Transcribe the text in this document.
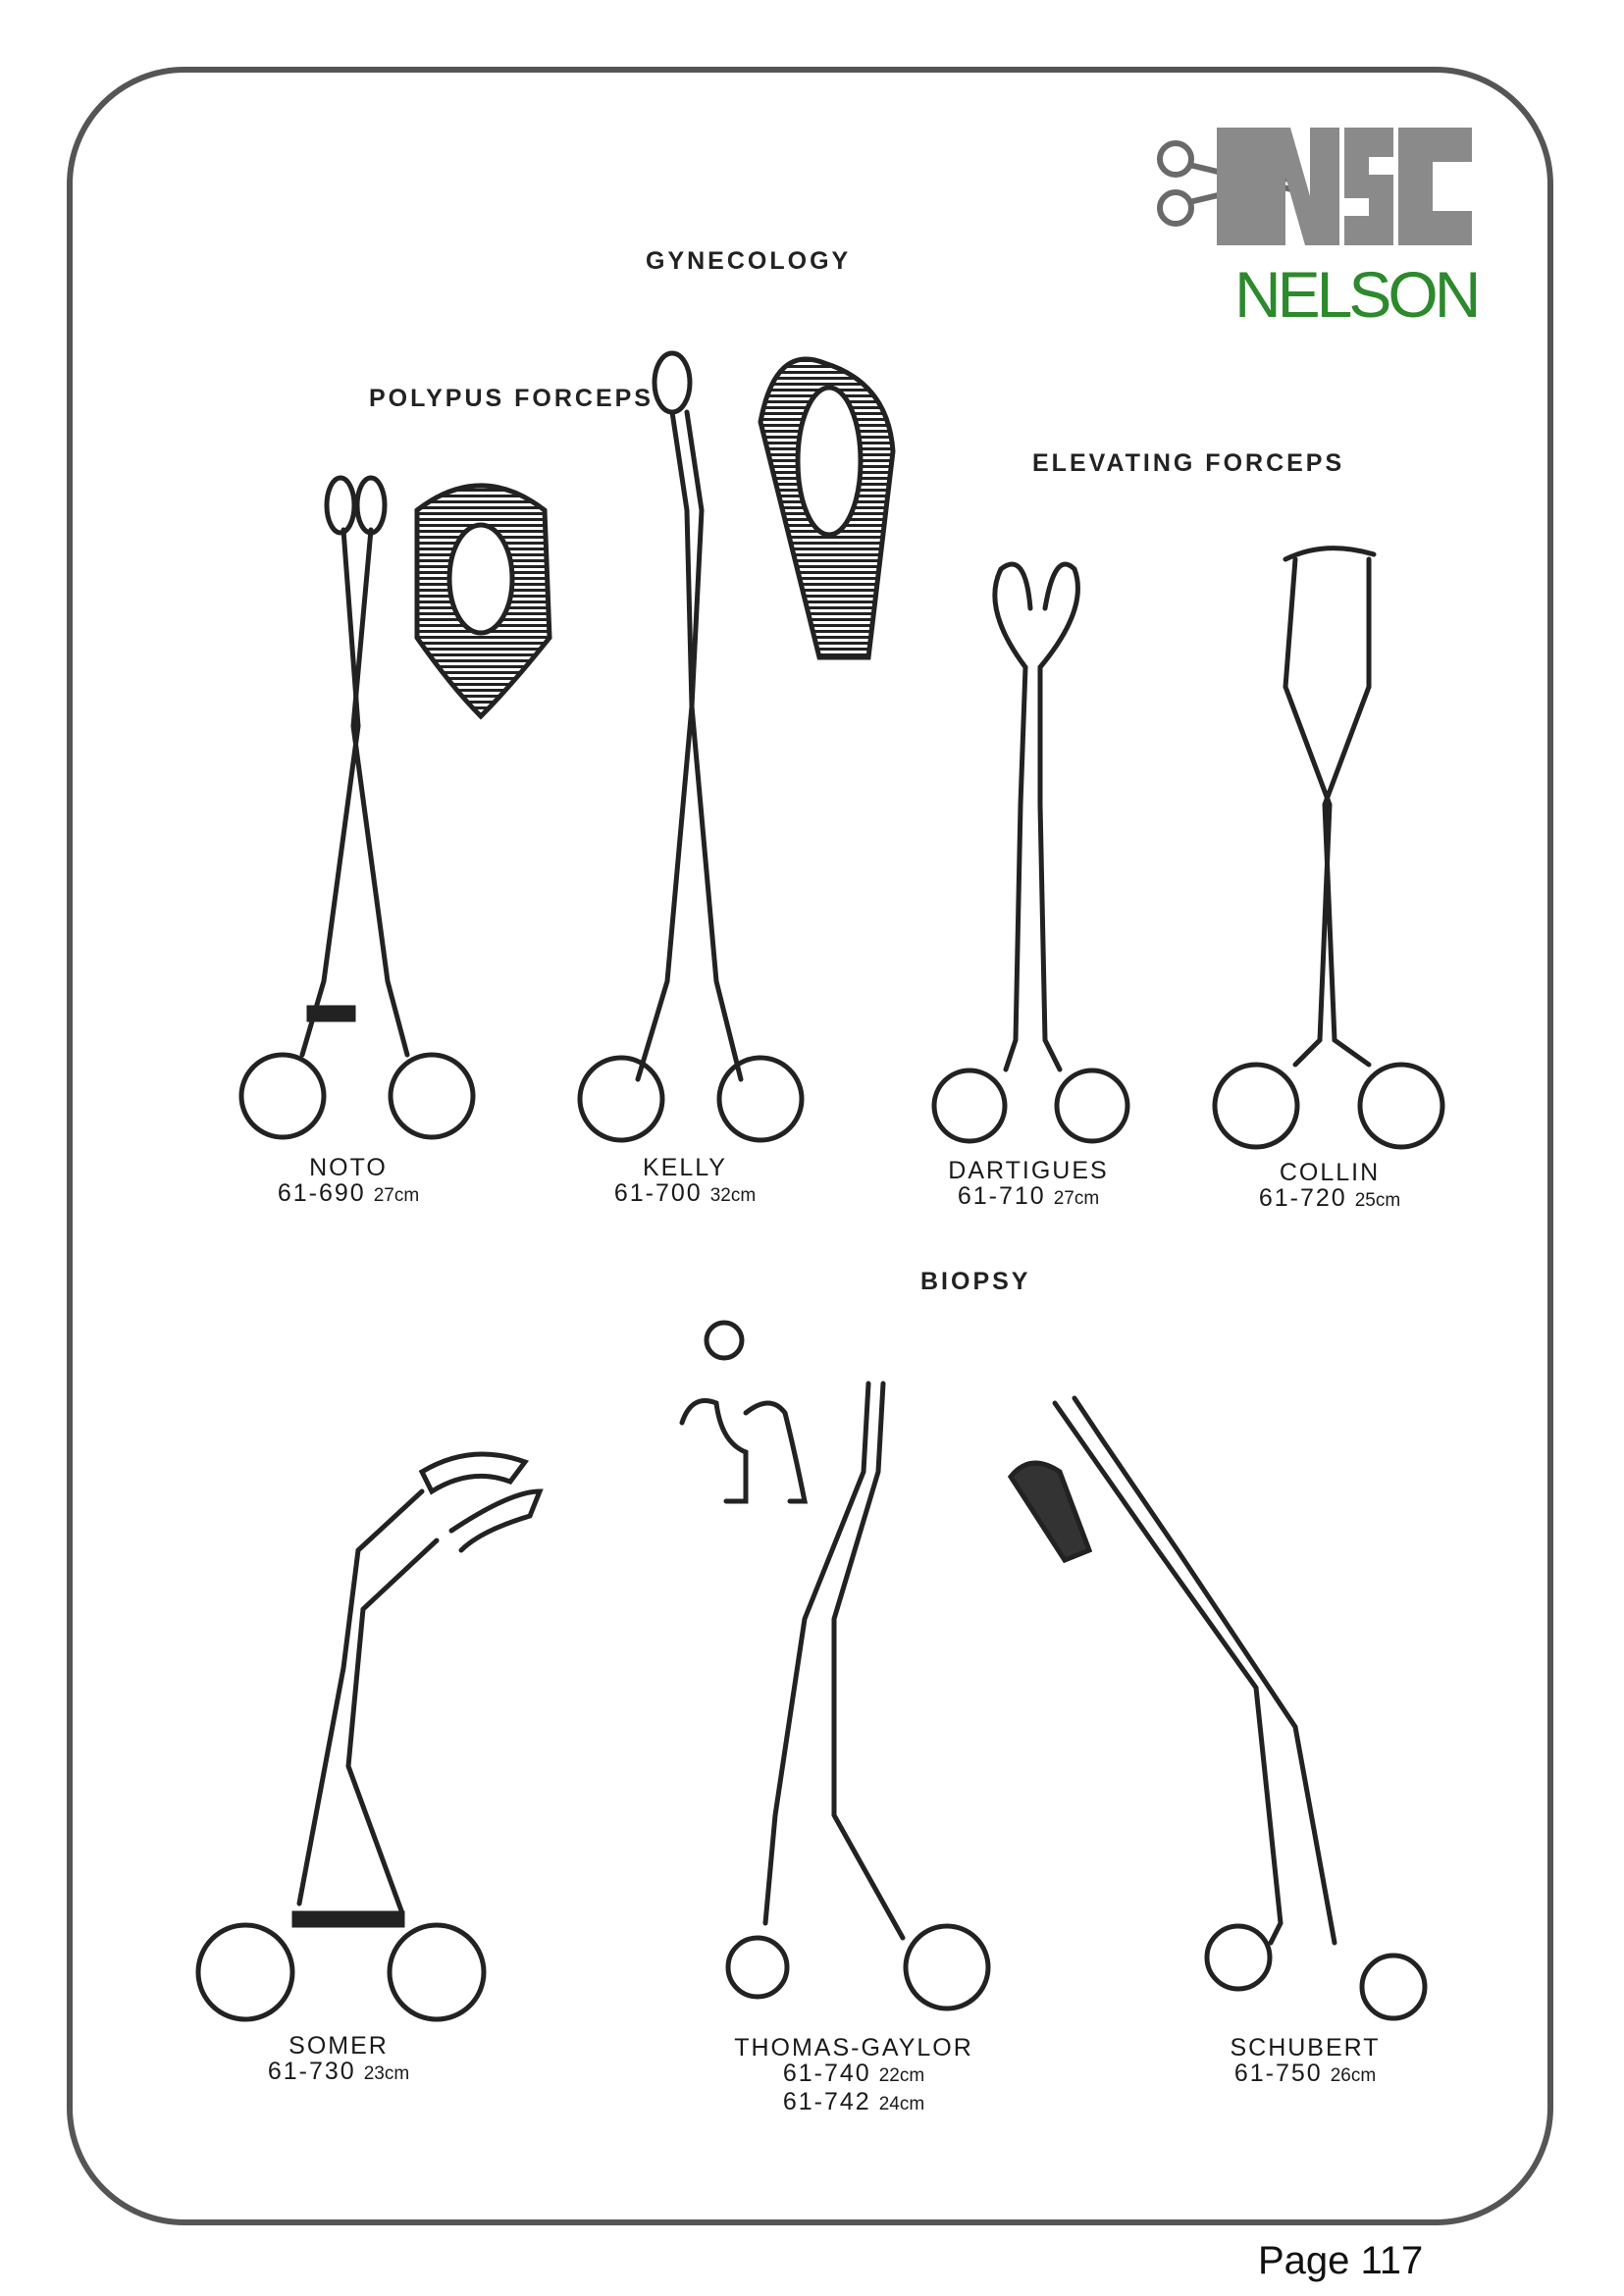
NELSON
GYNECOLOGY
POLYPUS FORCEPS
ELEVATING FORCEPS
BIOPSY
NOTO
61-690 27cm
KELLY
61-700 32cm
DARTIGUES
61-710 27cm
COLLIN
61-720 25cm
SOMER
61-730 23cm
THOMAS-GAYLOR
61-740 22cm
61-742 24cm
SCHUBERT
61-750 26cm
Page 117
